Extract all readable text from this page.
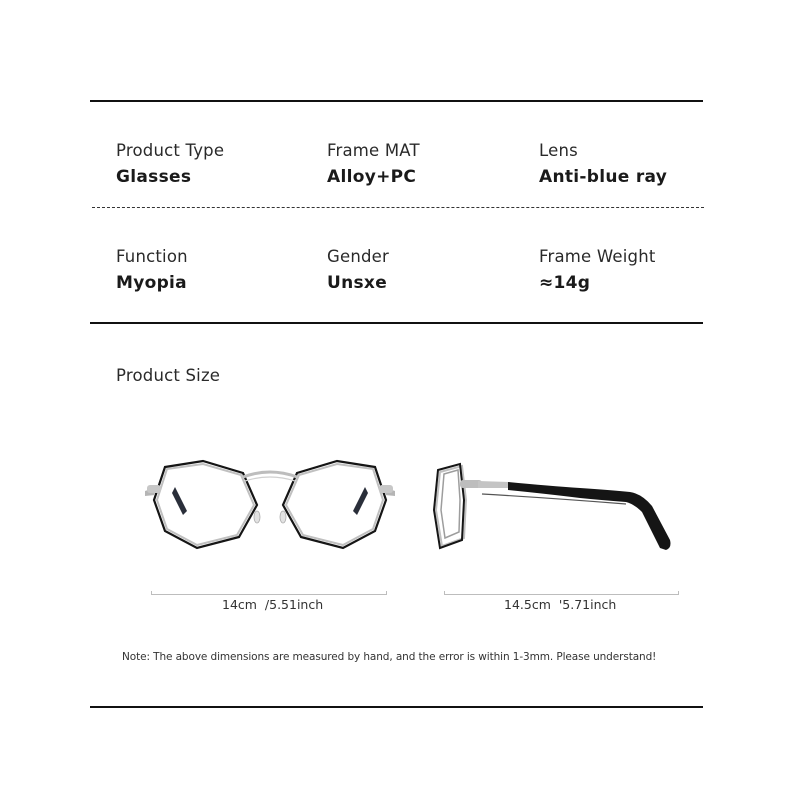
Product Type
Glasses
Frame MAT
Alloy+PC
Lens
Anti-blue ray
Function
Myopia
Gender
Unsxe
Frame Weight
≈14g
Product Size
14cm  /5.51inch	14.5cm  '5.71inch
Note: The above dimensions are measured by hand, and the error is within 1-3mm. Please understand!
